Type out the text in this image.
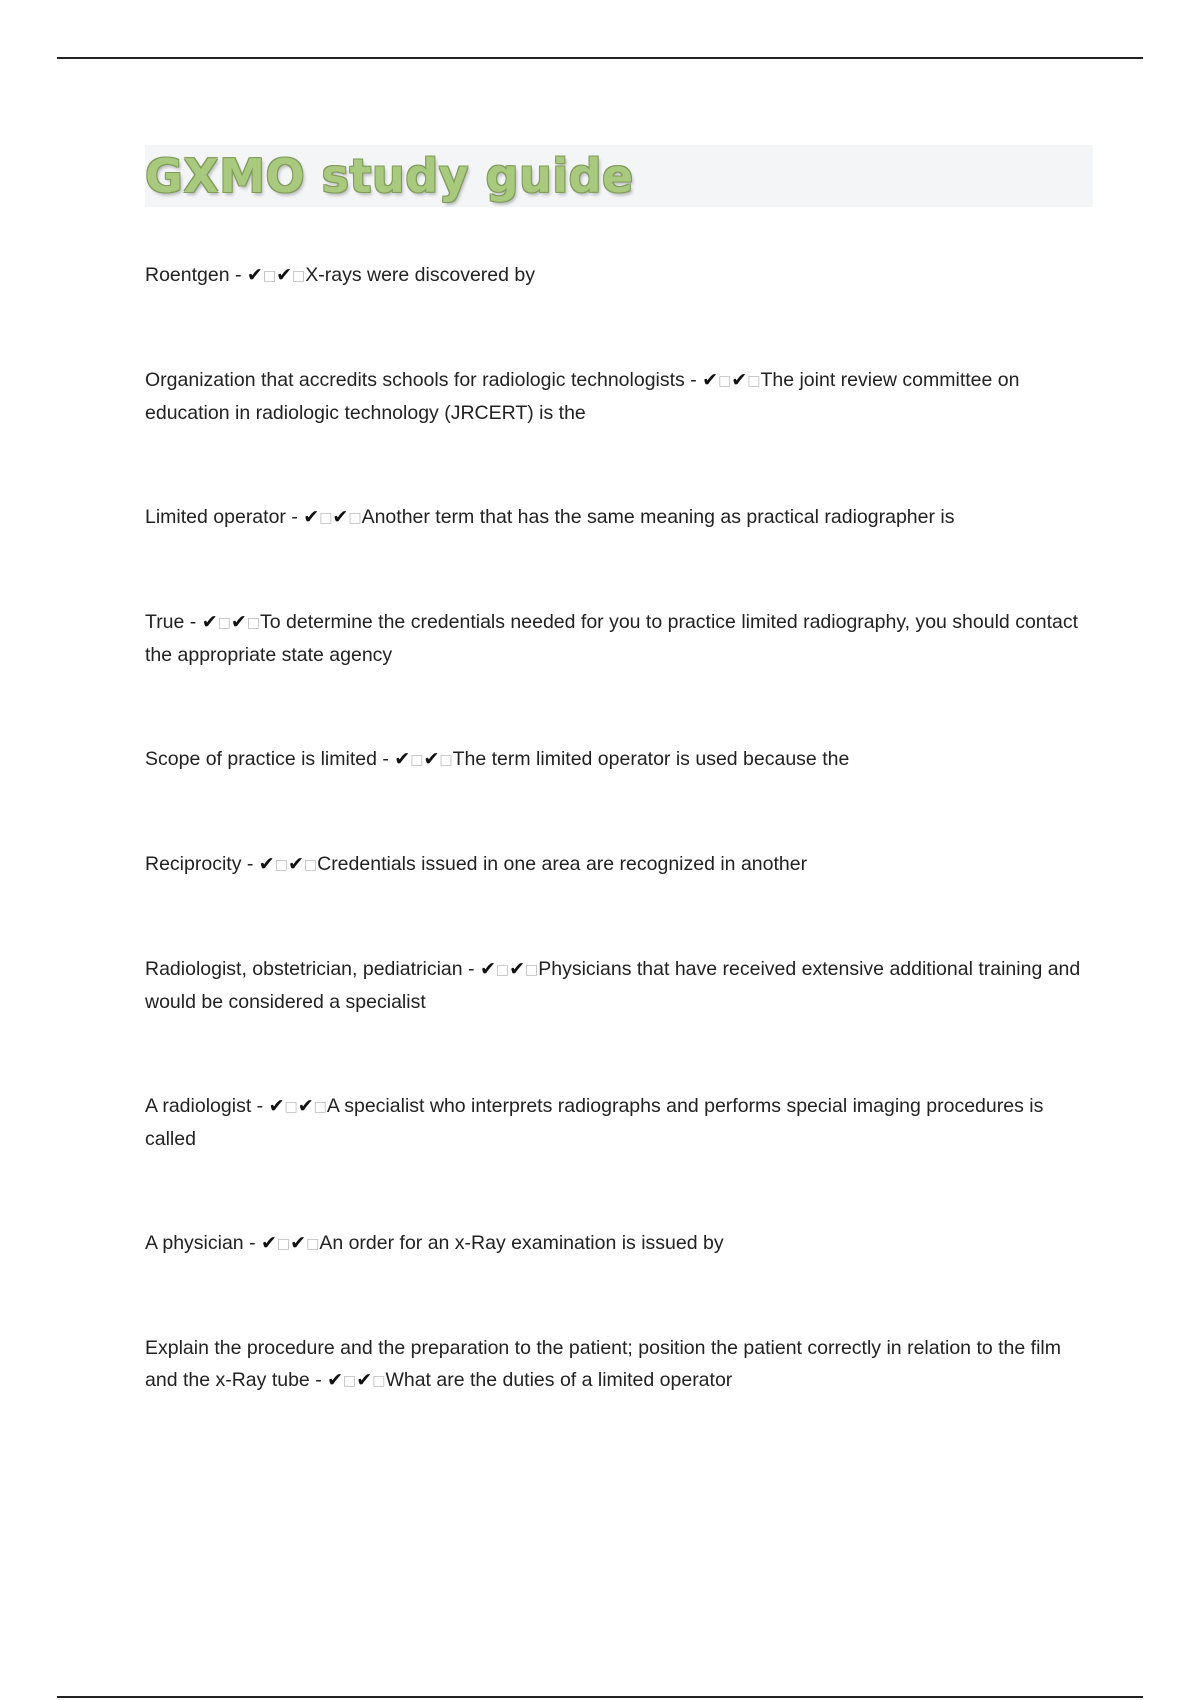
GXMO study guide

Roentgen - ✔□✔□X-rays were discovered by

Organization that accredits schools for radiologic technologists - ✔□✔□The joint review committee on education in radiologic technology (JRCERT) is the

Limited operator - ✔□✔□Another term that has the same meaning as practical radiographer is

True - ✔□✔□To determine the credentials needed for you to practice limited radiography, you should contact the appropriate state agency

Scope of practice is limited - ✔□✔□The term limited operator is used because the

Reciprocity - ✔□✔□Credentials issued in one area are recognized in another

Radiologist, obstetrician, pediatrician - ✔□✔□Physicians that have received extensive additional training and would be considered a specialist

A radiologist - ✔□✔□A specialist who interprets radiographs and performs special imaging procedures is called

A physician - ✔□✔□An order for an x-Ray examination is issued by

Explain the procedure and the preparation to the patient; position the patient correctly in relation to the film and the x-Ray tube - ✔□✔□What are the duties of a limited operator
